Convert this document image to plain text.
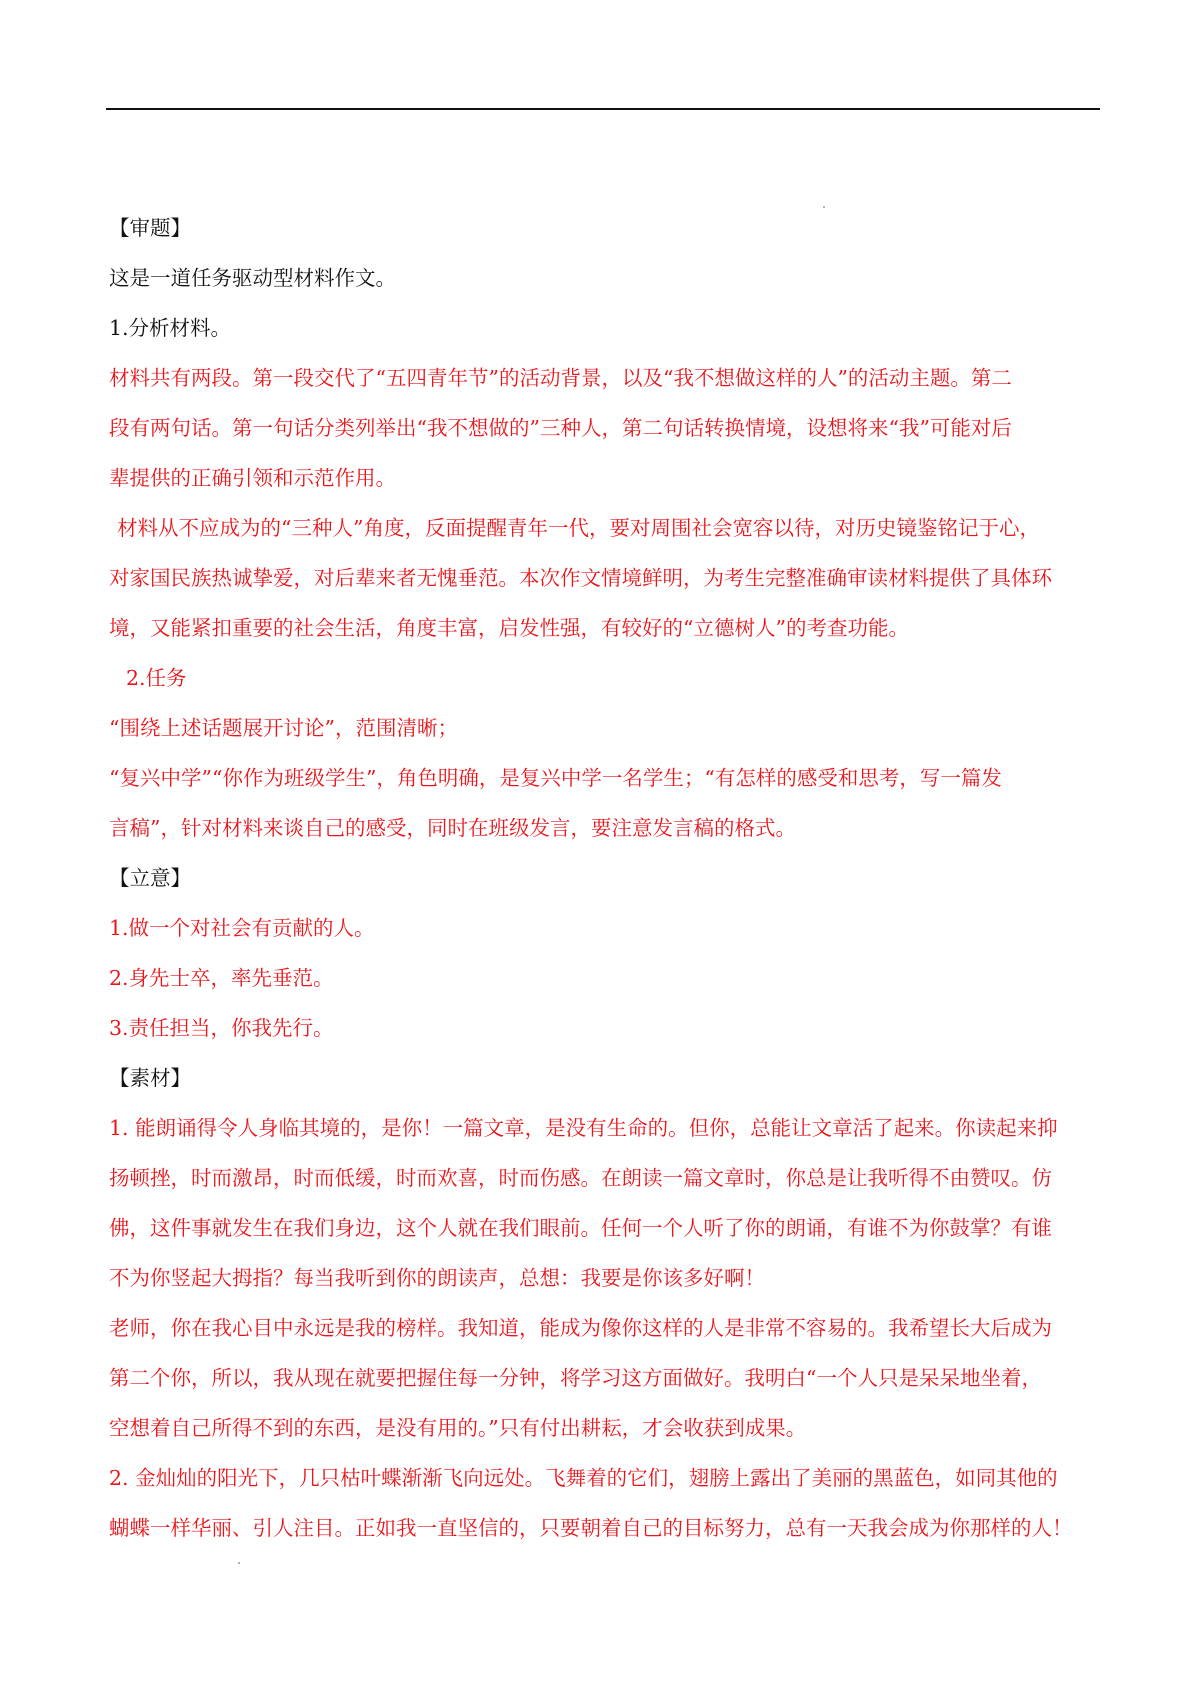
【审题】
这是一道任务驱动型材料作文。
1.分析材料。
材料共有两段。第一段交代了“五四青年节”的活动背景，以及“我不想做这样的人”的活动主题。第二
段有两句话。第一句话分类列举出“我不想做的”三种人，第二句话转换情境，设想将来“我”可能对后
辈提供的正确引领和示范作用。
材料从不应成为的“三种人”角度，反面提醒青年一代，要对周围社会宽容以待，对历史镜鉴铭记于心，
对家国民族热诚挚爱，对后辈来者无愧垂范。本次作文情境鲜明，为考生完整准确审读材料提供了具体环
境，又能紧扣重要的社会生活，角度丰富，启发性强，有较好的“立德树人”的考查功能。
2.任务
“围绕上述话题展开讨论”，范围清晰；
“复兴中学”“你作为班级学生”，角色明确，是复兴中学一名学生；“有怎样的感受和思考，写一篇发
言稿”，针对材料来谈自己的感受，同时在班级发言，要注意发言稿的格式。
【立意】
1.做一个对社会有贡献的人。
2.身先士卒，率先垂范。
3.责任担当，你我先行。
【素材】
1. 能朗诵得令人身临其境的，是你！一篇文章，是没有生命的。但你，总能让文章活了起来。你读起来抑
扬顿挫，时而激昂，时而低缓，时而欢喜，时而伤感。在朗读一篇文章时，你总是让我听得不由赞叹。仿
佛，这件事就发生在我们身边，这个人就在我们眼前。任何一个人听了你的朗诵，有谁不为你鼓掌？有谁
不为你竖起大拇指？每当我听到你的朗读声，总想：我要是你该多好啊！
老师，你在我心目中永远是我的榜样。我知道，能成为像你这样的人是非常不容易的。我希望长大后成为
第二个你，所以，我从现在就要把握住每一分钟，将学习这方面做好。我明白“一个人只是呆呆地坐着，
空想着自己所得不到的东西，是没有用的。”只有付出耕耘，才会收获到成果。
2. 金灿灿的阳光下，几只枯叶蝶渐渐飞向远处。飞舞着的它们，翅膀上露出了美丽的黑蓝色，如同其他的
蝴蝶一样华丽、引人注目。正如我一直坚信的，只要朝着自己的目标努力，总有一天我会成为你那样的人！
